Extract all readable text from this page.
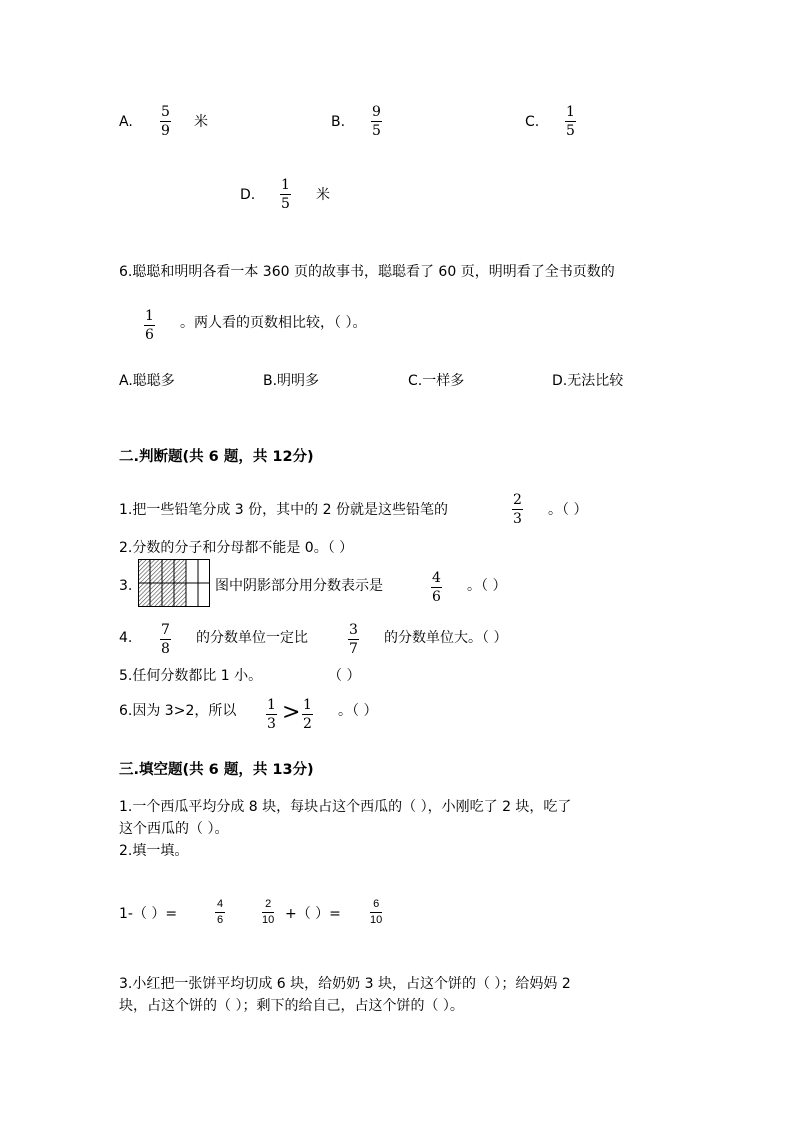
A.
5
9
米	B.
9
5
C.
1
5
D.
1
5
米
6.聪聪和明明各看一本 360 页的故事书，聪聪看了 60 页，明明看了全书页数的
1
6
。两人看的页数相比较，（ ）。
A.聪聪多	B.明明多	C.一样多	D.无法比较
二.判断题(共 6 题，共 12分)
1.把一些铅笔分成 3 份，其中的 2 份就是这些铅笔的
2
3
。（ ）
2.分数的分子和分母都不能是 0。（ ）
3.	图中阴影部分用分数表示是	4
6
。（ ）
4. 7
8
的分数单位一定比	3
7
的分数单位大。（ ）
5.任何分数都比 1 小。	（ ）
6.因为 3>2，所以 1
3 > 1
2
。（ ）
三.填空题(共 6 题，共 13分)
1.一个西瓜平均分成 8 块，每块占这个西瓜的（ ），小刚吃了 2 块，吃了
这个西瓜的（ ）。
2.填一填。
1-（ ）=
4
6
2
10 +（ ）=
6
10
3.小红把一张饼平均切成 6 块，给奶奶 3 块，占这个饼的（ ）；给妈妈 2
块，占这个饼的（ ）；剩下的给自己，占这个饼的（ ）。
